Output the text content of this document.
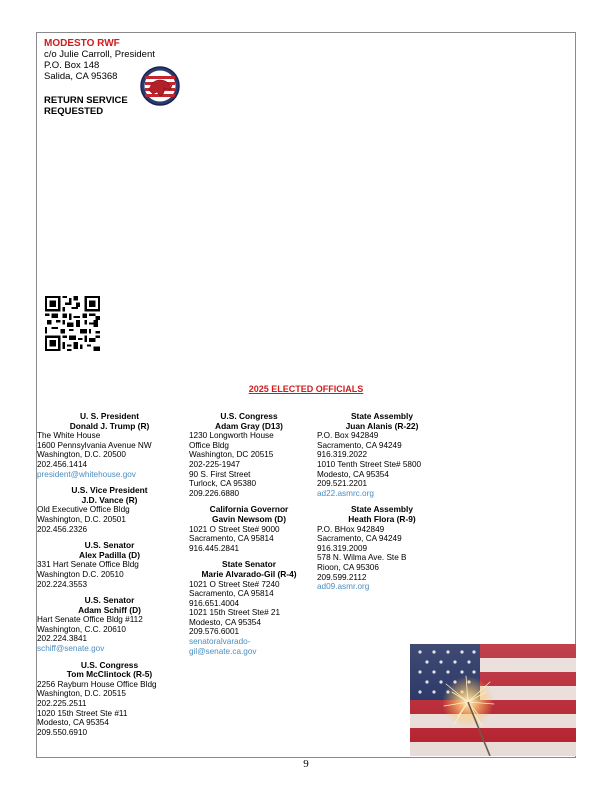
MODESTO RWF
c/o Julie Carroll, President
P.O. Box 148
Salida, CA 95368
RETURN SERVICE
REQUESTED
2025 ELECTED OFFICIALS
U. S. President
Donald J. Trump (R)
The White House
1600 Pennsylvania Avenue NW
Washington, D.C. 20500
202.456.1414
president@whitehouse.gov
U.S. Vice President
J.D. Vance (R)
Old Executive Office Bldg
Washington, D.C. 20501
202.456.2326
U.S. Senator
Alex Padilla (D)
331 Hart Senate Office Bldg
Washington D.C. 20510
202.224.3553
U.S. Senator
Adam Schiff (D)
Hart Senate Office Bldg #112
Washington, C.C. 20610
202.224.3841
schiff@senate.gov
U.S. Congress
Tom McClintock (R-5)
2256 Rayburn House Office Bldg
Washington, D.C. 20515
202.225.2511
1020 15th Street Ste #11
Modesto, CA 95354
209.550.6910
U.S. Congress
Adam Gray (D13)
1230 Longworth House
Office Bldg
Washington, DC 20515
202-225-1947
90 S. First Street
Turlock, CA 95380
209.226.6880
California Governor
Gavin Newsom (D)
1021 O Street Ste# 9000
Sacramento, CA 95814
916.445.2841
State Senator
Marie Alvarado-Gil (R-4)
1021 O Street Ste# 7240
Sacramento, CA 95814
916.651.4004
1021 15th Street Ste# 21
Modesto, CA 95354
209.576.6001
senatoralvarado-
gil@senate.ca.gov
State Assembly
Juan Alanis (R-22)
P.O. Box 942849
Sacramento, CA 94249
916.319.2022
1010 Tenth Street Ste# 5800
Modesto, CA 95354
209.521.2201
ad22.asmrc.org
State Assembly
Heath Flora (R-9)
P.O. BHox 942849
Sacramento, CA 94249
916.319.2009
578 N. Wilma Ave. Ste B
Rioon, CA 95306
209.599.2112
ad09.asmr.org
9
